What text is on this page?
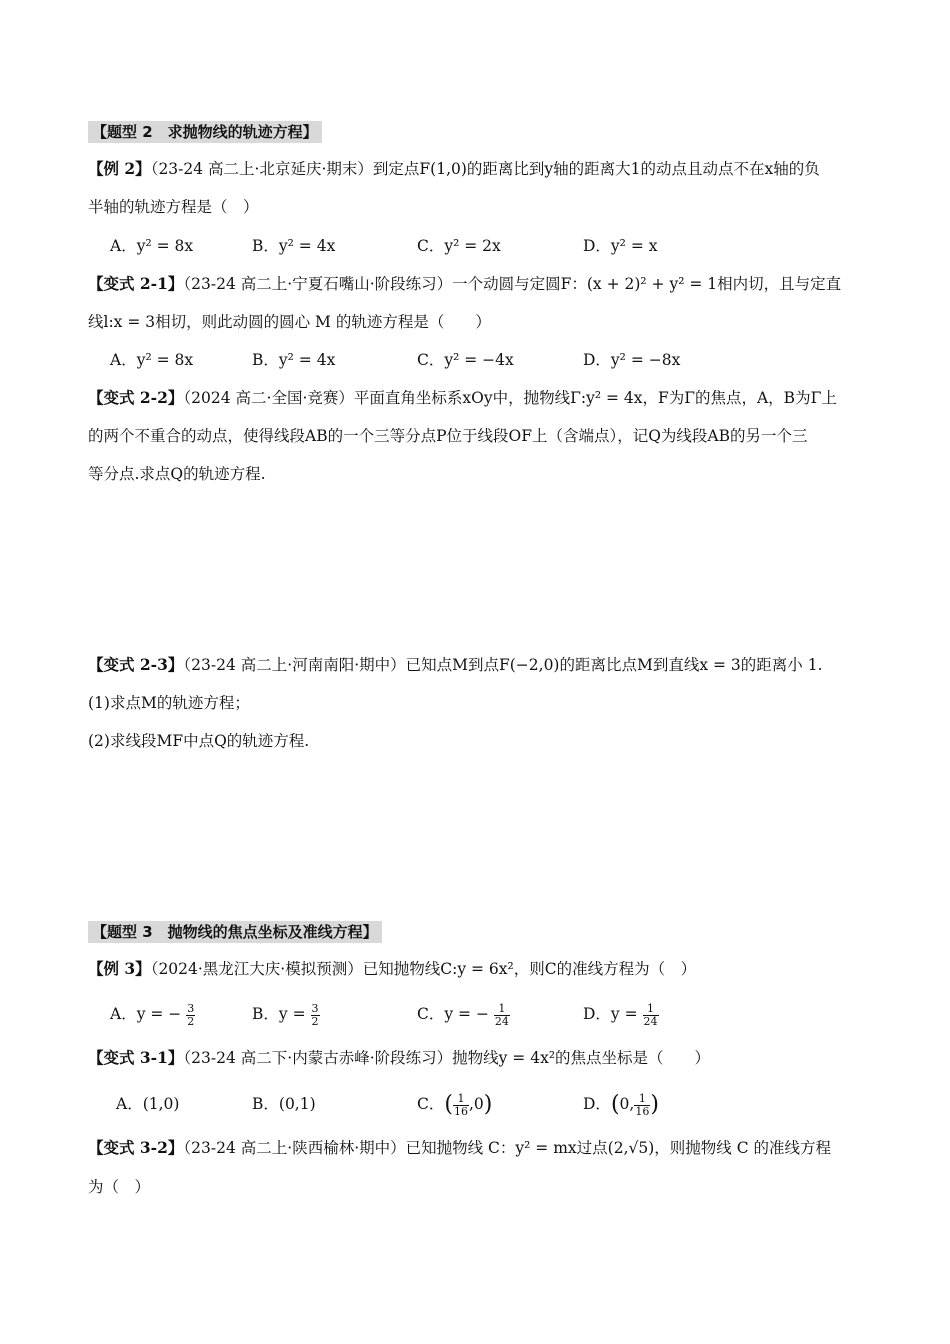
【题型 2　求抛物线的轨迹方程】
【例 2】（23-24 高二上·北京延庆·期末）到定点F(1,0)的距离比到y轴的距离大1的动点且动点不在x轴的负
半轴的轨迹方程是（　）
A．y² = 8x	B．y² = 4x	C．y² = 2x	D．y² = x
【变式 2-1】（23-24 高二上·宁夏石嘴山·阶段练习）一个动圆与定圆F：(x + 2)² + y² = 1相内切，且与定直
线l:x = 3相切，则此动圆的圆心 M 的轨迹方程是（　　）
A．y² = 8x	B．y² = 4x	C．y² = −4x	D．y² = −8x
【变式 2-2】（2024 高二·全国·竞赛）平面直角坐标系xOy中，抛物线Γ:y² = 4x，F为Γ的焦点，A，B为Γ上
的两个不重合的动点，使得线段AB的一个三等分点P位于线段OF上（含端点），记Q为线段AB的另一个三
等分点.求点Q的轨迹方程.
【变式 2-3】（23-24 高二上·河南南阳·期中）已知点M到点F(−2,0)的距离比点M到直线x = 3的距离小 1.
(1)求点M的轨迹方程；
(2)求线段MF中点Q的轨迹方程.
【题型 3　抛物线的焦点坐标及准线方程】
【例 3】（2024·黑龙江大庆·模拟预测）已知抛物线C:y = 6x²，则C的准线方程为（　）
A．y = − $\frac{3}{2}$	B．$y = \frac{3}{2}$	C．y = − $\frac{1}{24}$	D．$y = \frac{1}{24}$
【变式 3-1】（23-24 高二下·内蒙古赤峰·阶段练习）抛物线y = 4x²的焦点坐标是（　　）
A．(1,0)	B．(0,1)	C．( $\frac{1}{16} ,0$)	D．(0, $\frac{1}{16}$ )
【变式 3-2】（23-24 高二上·陕西榆林·期中）已知抛物线 C：y² = mx过点(2,√5)，则抛物线 C 的准线方程
为（　）
